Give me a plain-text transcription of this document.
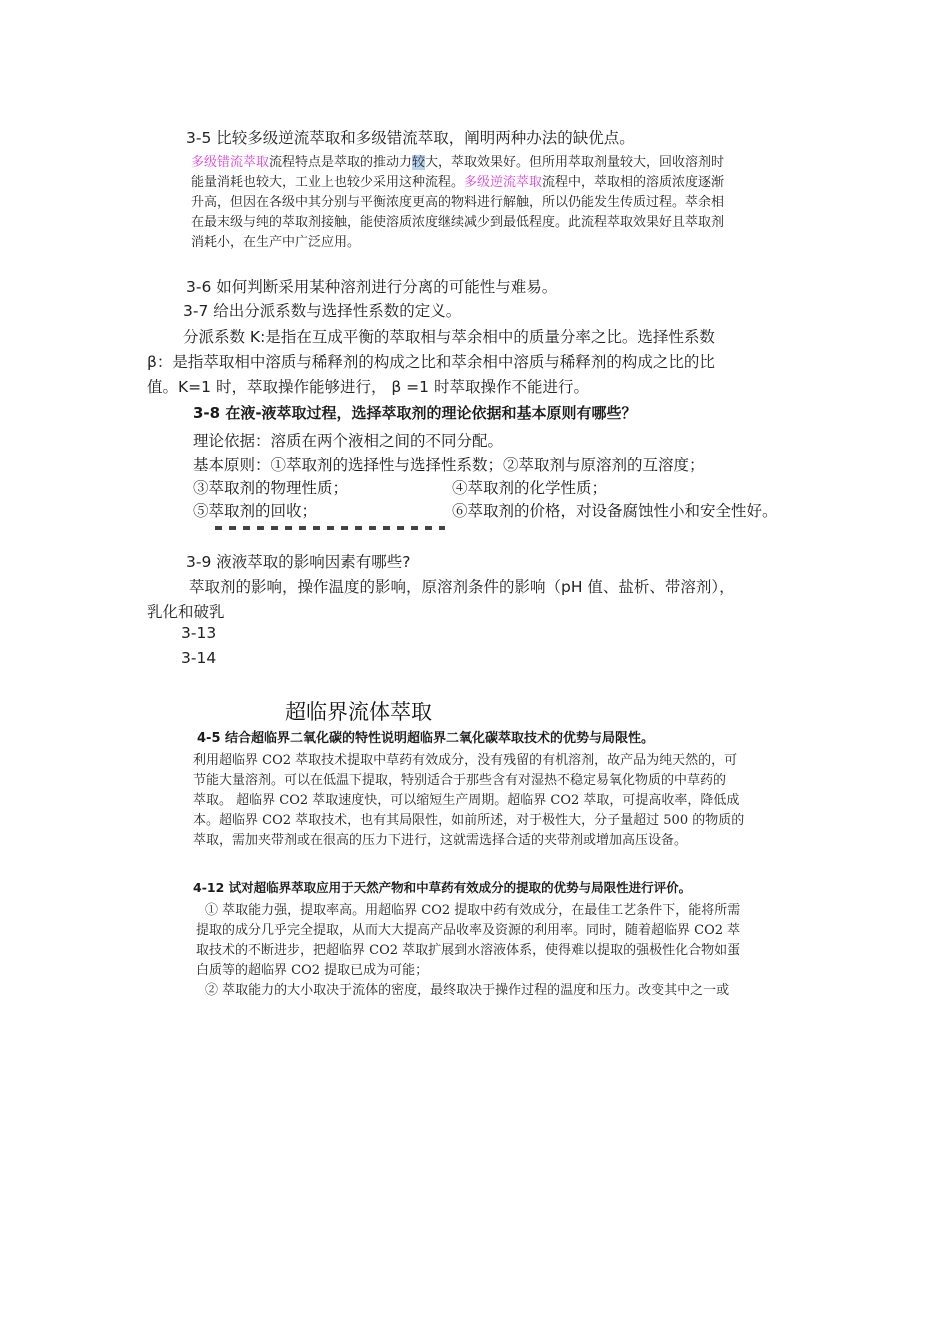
3-5 比较多级逆流萃取和多级错流萃取，阐明两种办法的缺优点。
多级错流萃取流程特点是萃取的推动力较大，萃取效果好。但所用萃取剂量较大，回收溶剂时
能量消耗也较大，工业上也较少采用这种流程。多级逆流萃取流程中，萃取相的溶质浓度逐渐
升高，但因在各级中其分别与平衡浓度更高的物料进行解触，所以仍能发生传质过程。萃余相
在最末级与纯的萃取剂接触，能使溶质浓度继续减少到最低程度。此流程萃取效果好且萃取剂
消耗小，在生产中广泛应用。
3-6 如何判断采用某种溶剂进行分离的可能性与难易。
3-7 给出分派系数与选择性系数的定义。
分派系数 K:是指在互成平衡的萃取相与萃余相中的质量分率之比。选择性系数
β：是指萃取相中溶质与稀释剂的构成之比和萃余相中溶质与稀释剂的构成之比的比
值。K=1 时，萃取操作能够进行， β =1 时萃取操作不能进行。
3-8 在液-液萃取过程，选择萃取剂的理论依据和基本原则有哪些？
理论依据：溶质在两个液相之间的不同分配。
基本原则：①萃取剂的选择性与选择性系数；②萃取剂与原溶剂的互溶度；
③萃取剂的物理性质；	④萃取剂的化学性质；
⑤萃取剂的回收；	⑥萃取剂的价格，对设备腐蚀性小和安全性好。
3-9 液液萃取的影响因素有哪些?
萃取剂的影响，操作温度的影响，原溶剂条件的影响（pH 值、盐析、带溶剂），
乳化和破乳
3-13
3-14
超临界流体萃取
4-5 结合超临界二氧化碳的特性说明超临界二氧化碳萃取技术的优势与局限性。
利用超临界 CO2 萃取技术提取中草药有效成分，没有残留的有机溶剂，故产品为纯天然的，可
节能大量溶剂。可以在低温下提取，特别适合于那些含有对湿热不稳定易氧化物质的中草药的
萃取。 超临界 CO2 萃取速度快，可以缩短生产周期。超临界 CO2 萃取，可提高收率，降低成
本。超临界 CO2 萃取技术，也有其局限性，如前所述，对于极性大，分子量超过 500 的物质的
萃取，需加夹带剂或在很高的压力下进行，这就需选择合适的夹带剂或增加高压设备。
4-12 试对超临界萃取应用于天然产物和中草药有效成分的提取的优势与局限性进行评价。
① 萃取能力强，提取率高。用超临界 CO2 提取中药有效成分，在最佳工艺条件下，能将所需
提取的成分几乎完全提取，从而大大提高产品收率及资源的利用率。同时，随着超临界 CO2 萃
取技术的不断进步，把超临界 CO2 萃取扩展到水溶液体系，使得难以提取的强极性化合物如蛋
白质等的超临界 CO2 提取已成为可能；
② 萃取能力的大小取决于流体的密度，最终取决于操作过程的温度和压力。改变其中之一或
